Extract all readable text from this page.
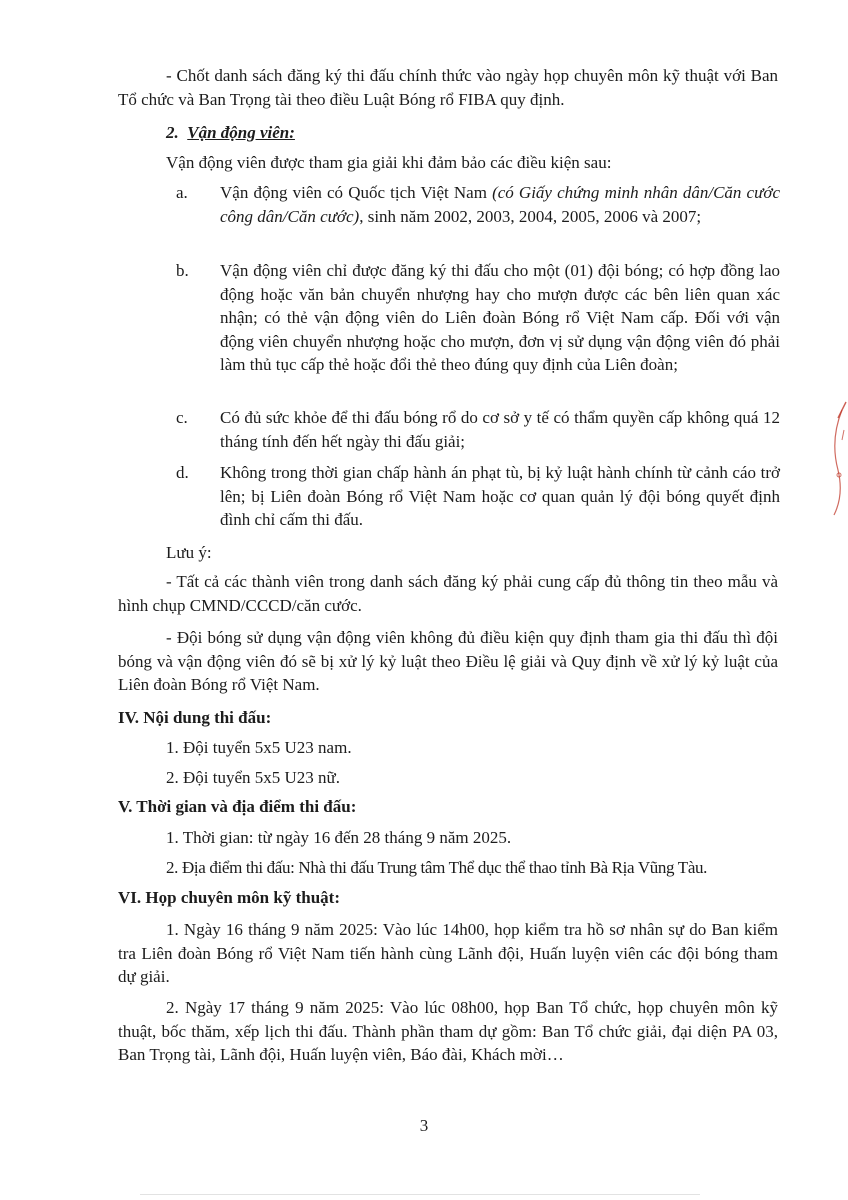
- Chốt danh sách đăng ký thi đấu chính thức vào ngày họp chuyên môn kỹ thuật với Ban Tổ chức và Ban Trọng tài theo điều Luật Bóng rổ FIBA quy định.

2. Vận động viên:

Vận động viên được tham gia giải khi đảm bảo các điều kiện sau:

a. Vận động viên có Quốc tịch Việt Nam (có Giấy chứng minh nhân dân/Căn cước công dân/Căn cước), sinh năm 2002, 2003, 2004, 2005, 2006 và 2007;

b. Vận động viên chỉ được đăng ký thi đấu cho một (01) đội bóng; có hợp đồng lao động hoặc văn bản chuyển nhượng hay cho mượn được các bên liên quan xác nhận; có thẻ vận động viên do Liên đoàn Bóng rổ Việt Nam cấp. Đối với vận động viên chuyển nhượng hoặc cho mượn, đơn vị sử dụng vận động viên đó phải làm thủ tục cấp thẻ hoặc đổi thẻ theo đúng quy định của Liên đoàn;

c. Có đủ sức khỏe để thi đấu bóng rổ do cơ sở y tế có thẩm quyền cấp không quá 12 tháng tính đến hết ngày thi đấu giải;

d. Không trong thời gian chấp hành án phạt tù, bị kỷ luật hành chính từ cảnh cáo trở lên; bị Liên đoàn Bóng rổ Việt Nam hoặc cơ quan quản lý đội bóng quyết định đình chỉ cấm thi đấu.

Lưu ý:

- Tất cả các thành viên trong danh sách đăng ký phải cung cấp đủ thông tin theo mẫu và hình chụp CMND/CCCD/căn cước.

- Đội bóng sử dụng vận động viên không đủ điều kiện quy định tham gia thi đấu thì đội bóng và vận động viên đó sẽ bị xử lý kỷ luật theo Điều lệ giải và Quy định về xử lý kỷ luật của Liên đoàn Bóng rổ Việt Nam.

IV. Nội dung thi đấu:

1. Đội tuyển 5x5 U23 nam.

2. Đội tuyển 5x5 U23 nữ.

V. Thời gian và địa điểm thi đấu:

1. Thời gian: từ ngày 16 đến 28 tháng 9 năm 2025.

2. Địa điểm thi đấu: Nhà thi đấu Trung tâm Thể dục thể thao tỉnh Bà Rịa Vũng Tàu.

VI. Họp chuyên môn kỹ thuật:

1. Ngày 16 tháng 9 năm 2025: Vào lúc 14h00, họp kiểm tra hồ sơ nhân sự do Ban kiểm tra Liên đoàn Bóng rổ Việt Nam tiến hành cùng Lãnh đội, Huấn luyện viên các đội bóng tham dự giải.

2. Ngày 17 tháng 9 năm 2025: Vào lúc 08h00, họp Ban Tổ chức, họp chuyên môn kỹ thuật, bốc thăm, xếp lịch thi đấu. Thành phần tham dự gồm: Ban Tổ chức giải, đại diện PA 03, Ban Trọng tài, Lãnh đội, Huấn luyện viên, Báo đài, Khách mời…

3
